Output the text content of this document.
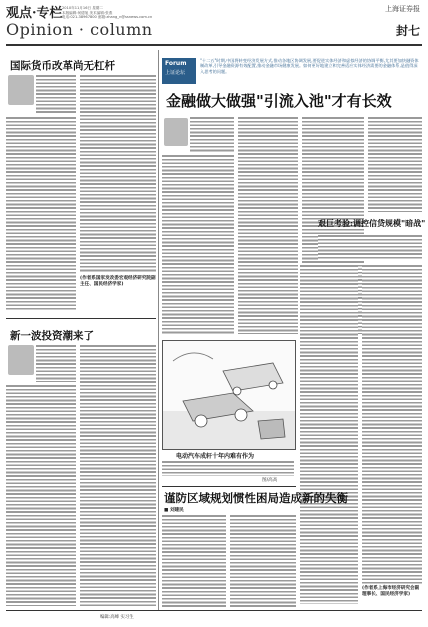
观点·专栏 2010年11月16日 星期二
本版编辑:何德旭 美术编辑:张燕
电话:021-38967800 邮箱:zhang_n@ssnews.com.cn
上海证券报
Opinion · column	封七
国际货币改革尚无杠杆
(作者系国家发改委宏观经济研究院副主任、国民经济学家)
新一波投资潮来了
Forum
上证论坛
"十二五"时期,中国将转变经济发展方式,推动各地区协调发展,要促进实体经济和虚拟经济的协调平衡,尤其要加快融资体制改革,引导金融资源有效配置,推动金融市场健康发展。如何更好地建立和完善适应实体经济需要的金融体系,是值得深入思考的问题。
金融做大做强"引流入池"才有长效
艰巨考验:调控信贷规模"暗战"
(作者系上海市经济研究会副理事长、国民经济学家)
电动汽车成轩十年内难有作为
图/高高
谨防区域规划惯性困局造成新的失衡
■ 刘建民
编辑:高峰 实习生
